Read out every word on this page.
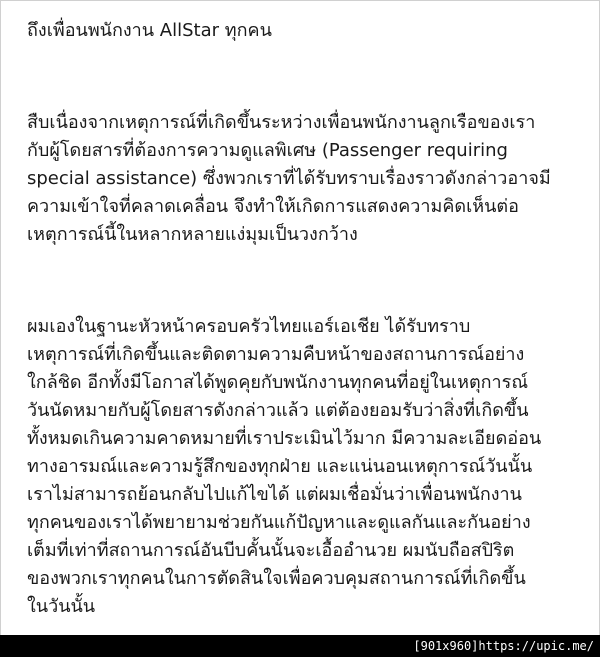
ถึงเพื่อนพนักงาน AllStar ทุกคน

สืบเนื่องจากเหตุการณ์ที่เกิดขึ้นระหว่างเพื่อนพนักงานลูกเรือของเรา
กับผู้โดยสารที่ต้องการความดูแลพิเศษ (Passenger requiring
special assistance) ซึ่งพวกเราที่ได้รับทราบเรื่องราวดังกล่าวอาจมี
ความเข้าใจที่คลาดเคลื่อน จึงทำให้เกิดการแสดงความคิดเห็นต่อ
เหตุการณ์นี้ในหลากหลายแง่มุมเป็นวงกว้าง

ผมเองในฐานะหัวหน้าครอบครัวไทยแอร์เอเชีย ได้รับทราบ
เหตุการณ์ที่เกิดขึ้นและติดตามความคืบหน้าของสถานการณ์อย่าง
ใกล้ชิด อีกทั้งมีโอกาสได้พูดคุยกับพนักงานทุกคนที่อยู่ในเหตุการณ์
วันนัดหมายกับผู้โดยสารดังกล่าวแล้ว แต่ต้องยอมรับว่าสิ่งที่เกิดขึ้น
ทั้งหมดเกินความคาดหมายที่เราประเมินไว้มาก มีความละเอียดอ่อน
ทางอารมณ์และความรู้สึกของทุกฝ่าย และแน่นอนเหตุการณ์วันนั้น
เราไม่สามารถย้อนกลับไปแก้ไขได้ แต่ผมเชื่อมั่นว่าเพื่อนพนักงาน
ทุกคนของเราได้พยายามช่วยกันแก้ปัญหาและดูแลกันและกันอย่าง
เต็มที่เท่าที่สถานการณ์อันบีบคั้นนั้นจะเอื้ออำนวย ผมนับถือสปิริต
ของพวกเราทุกคนในการตัดสินใจเพื่อควบคุมสถานการณ์ที่เกิดขึ้น
ในวันนั้น

[901x960]https://upic.me/
